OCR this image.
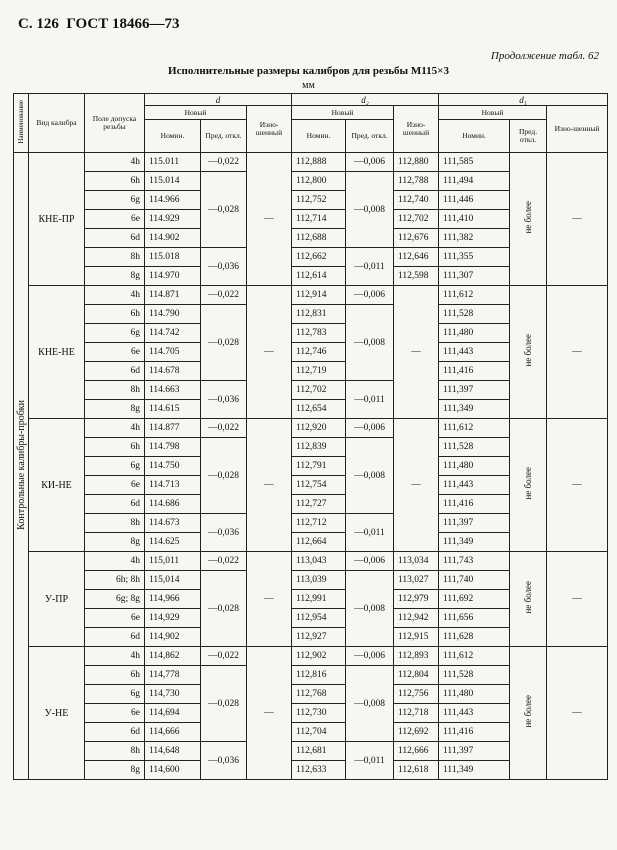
С. 126 ГОСТ 18466—73
Продолжение табл. 62
Исполнительные размеры калибров для резьбы М115×3
мм
Наименование	Вид калибра	Поле допуска резьбы	d			d₂			d₁		
			Новый		Изно-шенный	Новый		Изно-шенный	Новый		Изно-шенный
			Номин.	Пред. откл.		Номин.	Пред. откл.		Номин.	Пред. откл.	
Контрольные калибры-пробки	КНЕ-ПР	4h	115.011	—0,022	—	112,888	—0,006	112,880	111,585	не более	—
		6h	115.014	—0,028		112,800	—0,008	112,788	111,494		
		6g	114.966			112,752		112,740	111,446		
		6e	114.929			112,714		112,702	111,410		
		6d	114.902			112,688		112,676	111,382		
		8h	115.018	—0,036		112,662	—0,011	112,646	111,355		
		8g	114.970			112,614		112,598	111,307		
	КНЕ-НЕ	4h	114.871	—0,022	—	112,914	—0,006	—	111,612	не более	—
		6h	114.790	—0,028		112,831	—0,008		111,528		
		6g	114.742			112,783			111,480		
		6e	114.705			112,746			111,443		
		6d	114.678			112,719			111,416		
		8h	114.663	—0,036		112,702	—0,011		111,397		
		8g	114.615			112,654			111,349		
	КИ-НЕ	4h	114.877	—0,022	—	112,920	—0,006	—	111,612	не более	—
		6h	114.798	—0,028		112,839	—0,008		111,528		
		6g	114.750			112,791			111,480		
		6e	114.713			112,754			111,443		
		6d	114.686			112,727			111,416		
		8h	114.673	—0,036		112,712	—0,011		111,397		
		8g	114.625			112,664			111,349		
	У-ПР	4h	115,011	—0,022	—	113,043	—0,006	113,034	111,743	не более	—
		6h; 8h	115,014	—0,028		113,039	—0,008	113,027	111,740		
		6g; 8g	114,966			112,991		112,979	111,692		
		6e	114,929			112,954		112,942	111,656		
		6d	114,902			112,927		112,915	111,628		
	У-НЕ	4h	114,862	—0,022	—	112,902	—0,006	112,893	111,612	не более	—
		6h	114,778	—0,028		112,816	—0,008	112,804	111,528		
		6g	114,730			112,768		112,756	111,480		
		6e	114,694			112,730		112,718	111,443		
		6d	114,666			112,704		112,692	111,416		
		8h	114,648	—0,036		112,681	—0,011	112,666	111,397		
		8g	114,600			112,633		112,618	111,349		
